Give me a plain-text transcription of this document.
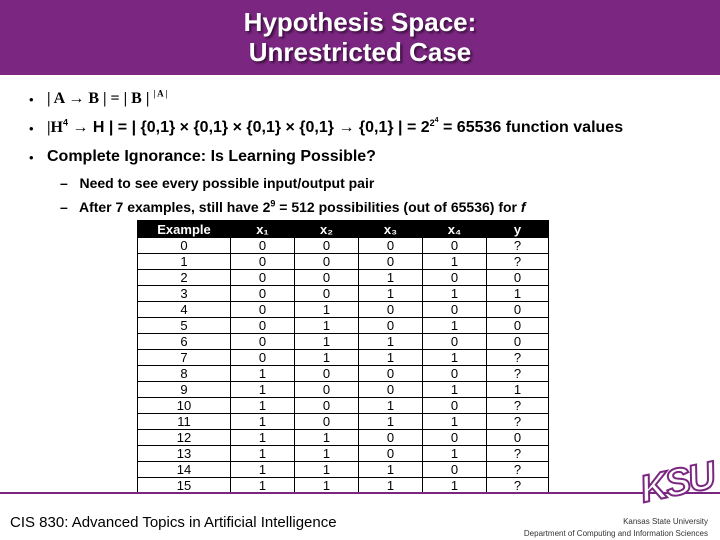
Hypothesis Space:
Unrestricted Case
• | A → B | = | B | $^{| A |}$
• $|H^4 \to H$ | = | {0,1} × {0,1} × {0,1} × {0,1} → {0,1} | = $2^{2^4} = 65536$ function values
• Complete Ignorance: Is Learning Possible?
– Need to see every possible input/output pair
– After 7 examples, still have $2^9 = 512$ possibilities (out of 65536) for f
Example	x₁	x₂	x₃	x₄	y
0	0	0	0	0	?
1	0	0	0	1	?
2	0	0	1	0	0
3	0	0	1	1	1
4	0	1	0	0	0
5	0	1	0	1	0
6	0	1	1	0	0
7	0	1	1	1	?
8	1	0	0	0	?
9	1	0	0	1	1
10	1	0	1	0	?
11	1	0	1	1	?
12	1	1	0	0	0
13	1	1	0	1	?
14	1	1	1	0	?
15	1	1	1	1	?
CIS 830: Advanced Topics in Artificial Intelligence
KSU
Kansas State University
Department of Computing and Information Sciences
